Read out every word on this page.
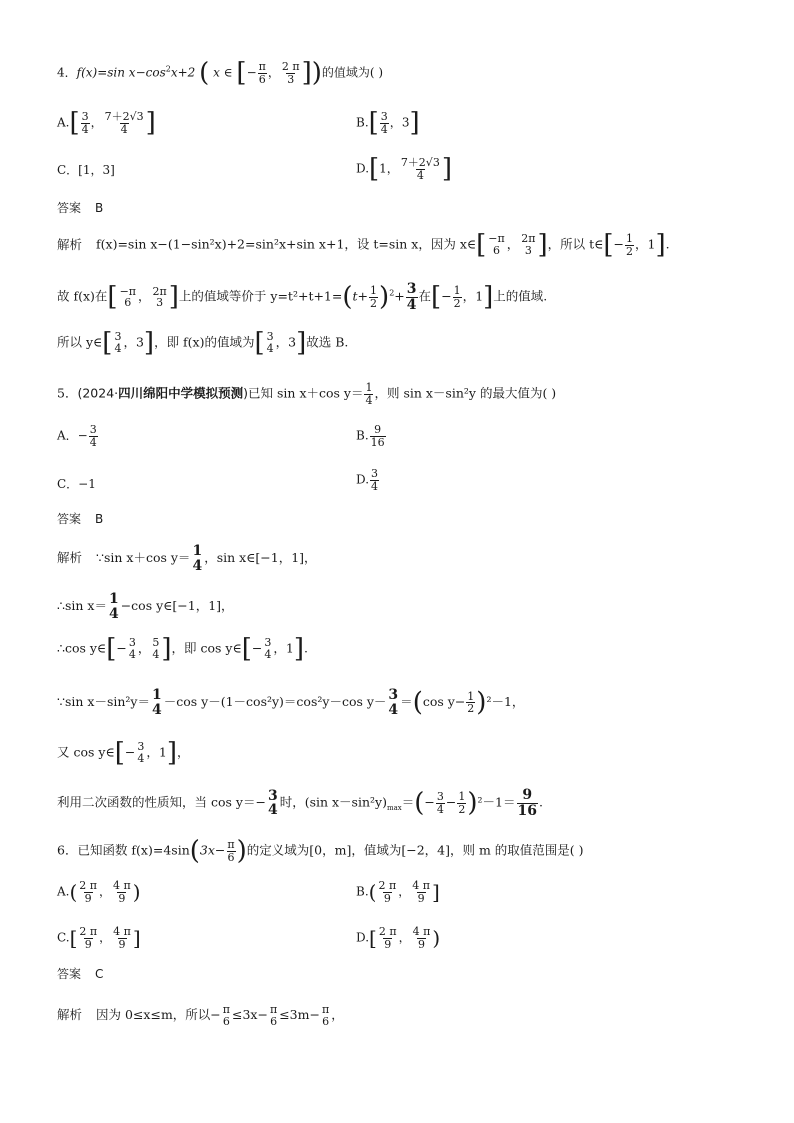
4．f(x)=sin $x-\cos^2x+2$ ( x ∈ [− $\frac{\pi}{6}$ ， $\frac{2 \pi}{3}$ ])的值域为( )
$A.[ \frac{3}{4}$ ， $\frac{7+2√3}{4}$ ]	$B.[ \frac{3}{4}$ ，3]
C．[1，3]	D.[1， $\frac{7+2√3}{4}$ ]
答案 B
解析 f(x)=sin x−(1−sin²x)+2=sin²x+sin x+1，设 t=sin x，因为 x∈[ −π
6 ， 2π
3 ]，所以 t∈[− $\frac{1}{2}$ ，1].
故 f(x)在[ −π
6 ， 2π
3 ]上的值域等价于 $y=t^2+t+1=(t+ \frac{1}{2} )^2+ \frac{3}{4}$ 在[− $\frac{1}{2}$ ，1]上的值域.
所以 y∈[ 3
4 ，3]，即 f(x)的值域为[ 3
4 ，3]故选 B.
5．(2024·四川绵阳中学模拟预测)已知 sin x＋cos $y= \frac{1}{4}$ ，则 sin x－sin²y 的最大值为( )
A．− $\frac{3}{4}$	B. $\frac{9}{16}$
C．−1	D. $\frac{3}{4}$
答案 B
解析 ∵sin x＋cos y＝ 1
4 ，sin x∈[−1，1]，
∴sin x＝ 1
4 −cos y∈[−1，1]，
∴cos y∈[− 3
4 ， 5
4 ]，即 cos y∈[− 3
4 ，1].
∵sin x－sin²y＝ 1
4 －cos y－(1－cos²y)＝cos²y－cos y－ 3
4 ＝(cos $y- \frac{1}{2} )^2-1$，
又 cos y∈[− 3
4 ，1]，
利用二次函数的性质知，当 cos y＝− 3
4 时，(sin $x-\sin^2y)_{max}=(- \frac{3}{4} - \frac{1}{2} )^2-1= \frac{9}{16}$ .
6．已知函数 $f(x)=4\sin(3x- \frac{\pi}{6}$ )的定义域为[0，m]，值域为[−2，4]，则 m 的取值范围是( )
$A.( \frac{2 \pi}{9}$ ， $\frac{4 \pi}{9}$ )	$B.( \frac{2 \pi}{9}$ ， $\frac{4 \pi}{9}$ ]
$C.[ \frac{2 \pi}{9}$ ， $\frac{4 \pi}{9}$ ]	$D.[ \frac{2 \pi}{9}$ ， $\frac{4 \pi}{9}$ )
答案 C
解析 因为 0≤x≤m，所以− π
6 ≤3x− π
6 ≤3m− π
6 ，
